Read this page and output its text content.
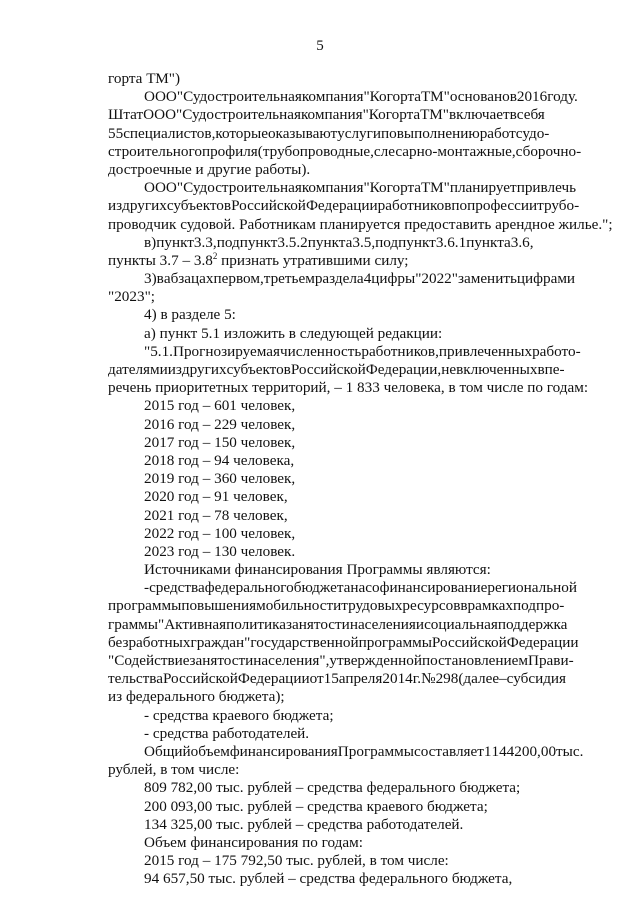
5
горта ТМ")
ООО "Судостроительная компания "Когорта ТМ" основано в 2016 году.
Штат ООО "Судостроительная компания "Когорта ТМ" включает в себя
55 специалистов, которые оказывают услуги по выполнению работ судо-
строительного профиля (трубопроводные, слесарно-монтажные, сборочно-
достроечные и другие работы).
ООО "Судостроительная компания "Когорта ТМ" планирует привлечь
из других субъектов Российской Федерации работников по профессии трубо-
проводчик судовой. Работникам планируется предоставить арендное жилье.";
в) пункт 3.3, подпункт 3.5.2 пункта 3.5, подпункт 3.6.1 пункта 3.6,
пункты $3.7 - 3.8^2$ признать утратившими силу;
3) в абзацах первом, третьем раздела 4 цифры "2022" заменить цифрами
"2023";
4) в разделе 5:
а) пункт 5.1 изложить в следующей редакции:
"5.1. Прогнозируемая численность работников, привлеченных работо-
дателями из других субъектов Российской Федерации, не включенных в пе-
речень приоритетных территорий, – 1 833 человека, в том числе по годам:
2015 год – 601 человек,
2016 год – 229 человек,
2017 год – 150 человек,
2018 год – 94 человека,
2019 год – 360 человек,
2020 год – 91 человек,
2021 год – 78 человек,
2022 год – 100 человек,
2023 год – 130 человек.
Источниками финансирования Программы являются:
- средства федерального бюджета на софинансирование региональной
программы повышения мобильности трудовых ресурсов в рамках подпро-
граммы "Активная политика занятости населения и социальная поддержка
безработных граждан" государственной программы Российской Федерации
"Содействие занятости населения", утвержденной постановлением Прави-
тельства Российской Федерации от 15 апреля 2014 г. № 298 (далее – субсидия
из федерального бюджета);
- средства краевого бюджета;
- средства работодателей.
Общий объем финансирования Программы составляет 1 144 200,00 тыс.
рублей, в том числе:
809 782,00 тыс. рублей – средства федерального бюджета;
200 093,00 тыс. рублей – средства краевого бюджета;
134 325,00 тыс. рублей – средства работодателей.
Объем финансирования по годам:
2015 год – 175 792,50 тыс. рублей, в том числе:
94 657,50 тыс. рублей – средства федерального бюджета,
